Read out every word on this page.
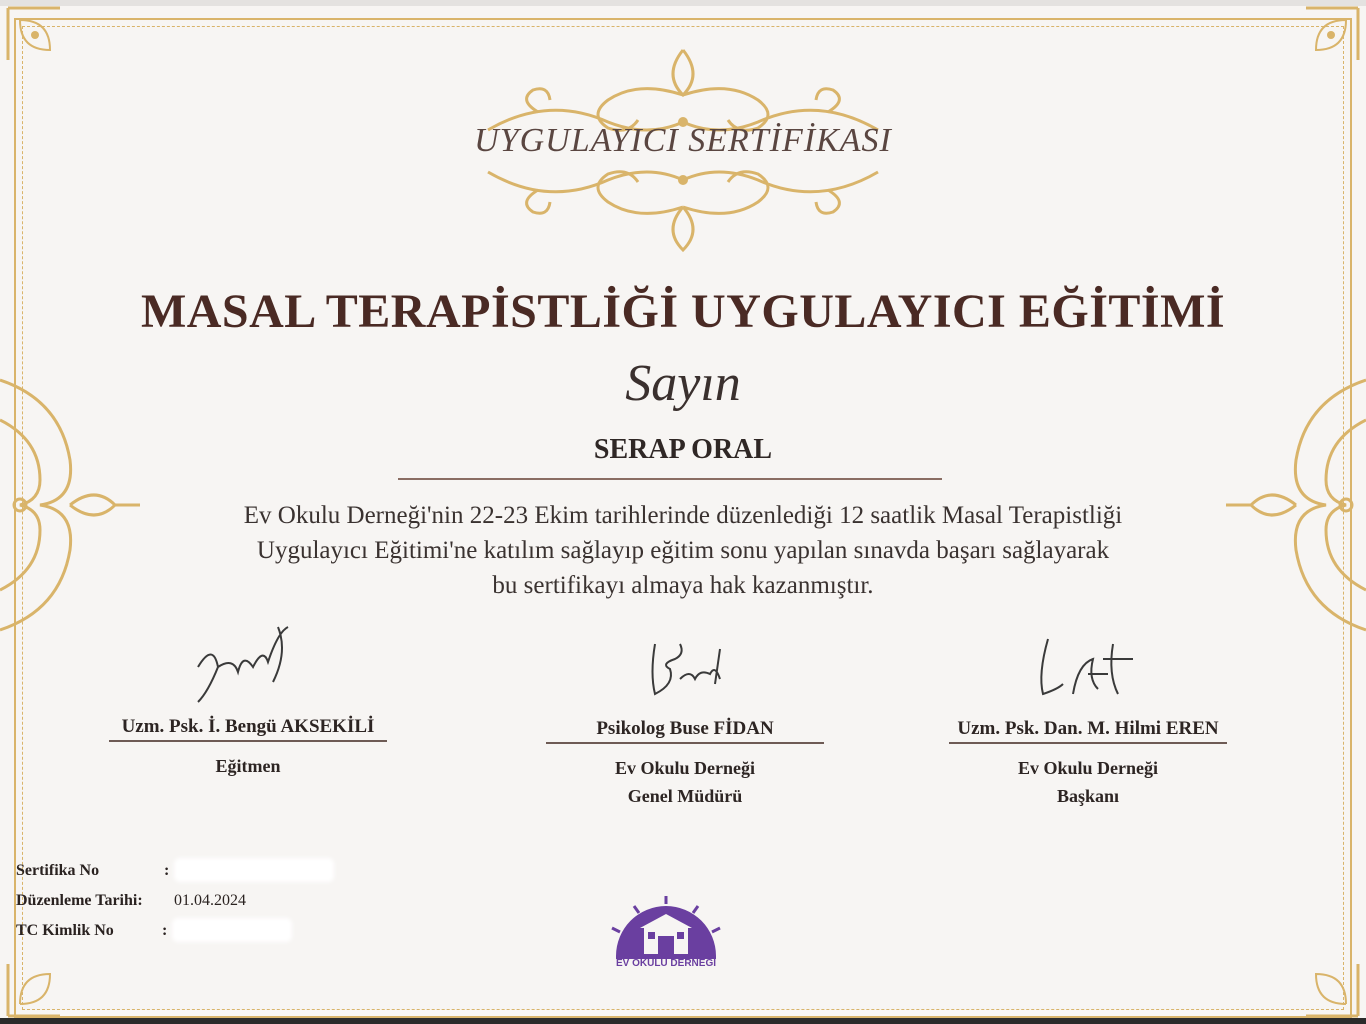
UYGULAYICI SERTİFİKASI
MASAL TERAPİSTLİĞİ UYGULAYICI EĞİTİMİ
Sayın
SERAP ORAL
Ev Okulu Derneği'nin 22-23 Ekim tarihlerinde düzenlediği 12 saatlik Masal Terapistliği
Uygulayıcı Eğitimi'ne katılım sağlayıp eğitim sonu yapılan sınavda başarı sağlayarak
bu sertifikayı almaya hak kazanmıştır.
Uzm. Psk. İ. Bengü AKSEKİLİ
Eğitmen
Psikolog Buse FİDAN
Ev Okulu Derneği
Genel Müdürü
Uzm. Psk. Dan. M. Hilmi EREN
Ev Okulu Derneği
Başkanı
Sertifika No	:
Düzenleme Tarihi: 01.04.2024
TC Kimlik No	:
EV OKULU DERNEĞİ
